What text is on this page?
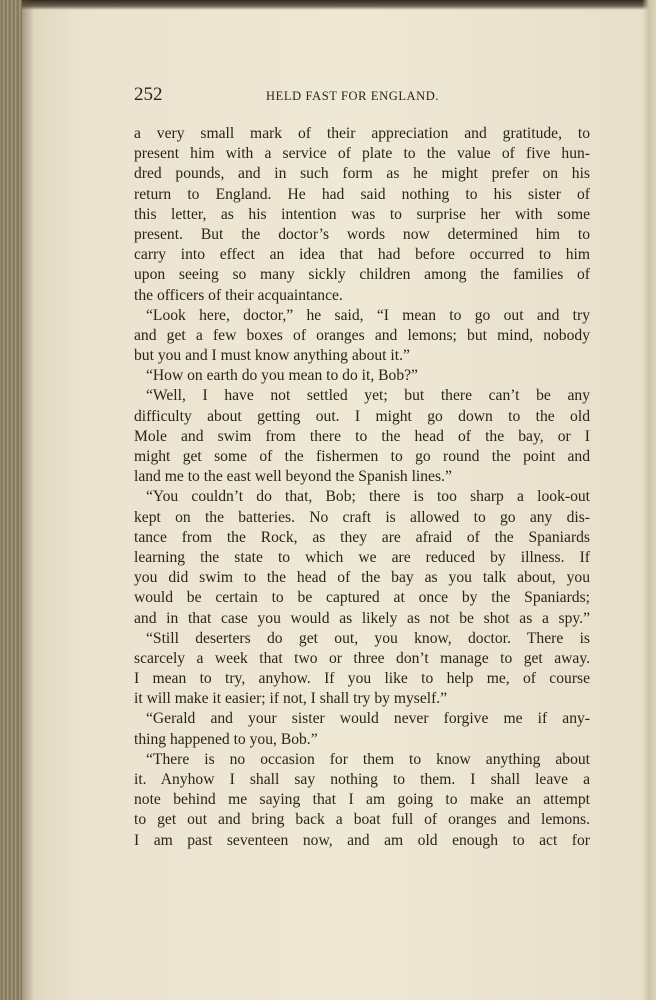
252	HELD FAST FOR ENGLAND.
a very small mark of their appreciation and gratitude, to
present him with a service of plate to the value of five hun-
dred pounds, and in such form as he might prefer on his
return to England. He had said nothing to his sister of
this letter, as his intention was to surprise her with some
present. But the doctor’s words now determined him to
carry into effect an idea that had before occurred to him
upon seeing so many sickly children among the families of
the officers of their acquaintance.
“Look here, doctor,” he said, “I mean to go out and try
and get a few boxes of oranges and lemons; but mind, nobody
but you and I must know anything about it.”
“How on earth do you mean to do it, Bob?”
“Well, I have not settled yet; but there can’t be any
difficulty about getting out. I might go down to the old
Mole and swim from there to the head of the bay, or I
might get some of the fishermen to go round the point and
land me to the east well beyond the Spanish lines.”
“You couldn’t do that, Bob; there is too sharp a look-out
kept on the batteries. No craft is allowed to go any dis-
tance from the Rock, as they are afraid of the Spaniards
learning the state to which we are reduced by illness. If
you did swim to the head of the bay as you talk about, you
would be certain to be captured at once by the Spaniards;
and in that case you would as likely as not be shot as a spy.”
“Still deserters do get out, you know, doctor. There is
scarcely a week that two or three don’t manage to get away.
I mean to try, anyhow. If you like to help me, of course
it will make it easier; if not, I shall try by myself.”
“Gerald and your sister would never forgive me if any-
thing happened to you, Bob.”
“There is no occasion for them to know anything about
it. Anyhow I shall say nothing to them. I shall leave a
note behind me saying that I am going to make an attempt
to get out and bring back a boat full of oranges and lemons.
I am past seventeen now, and am old enough to act for
